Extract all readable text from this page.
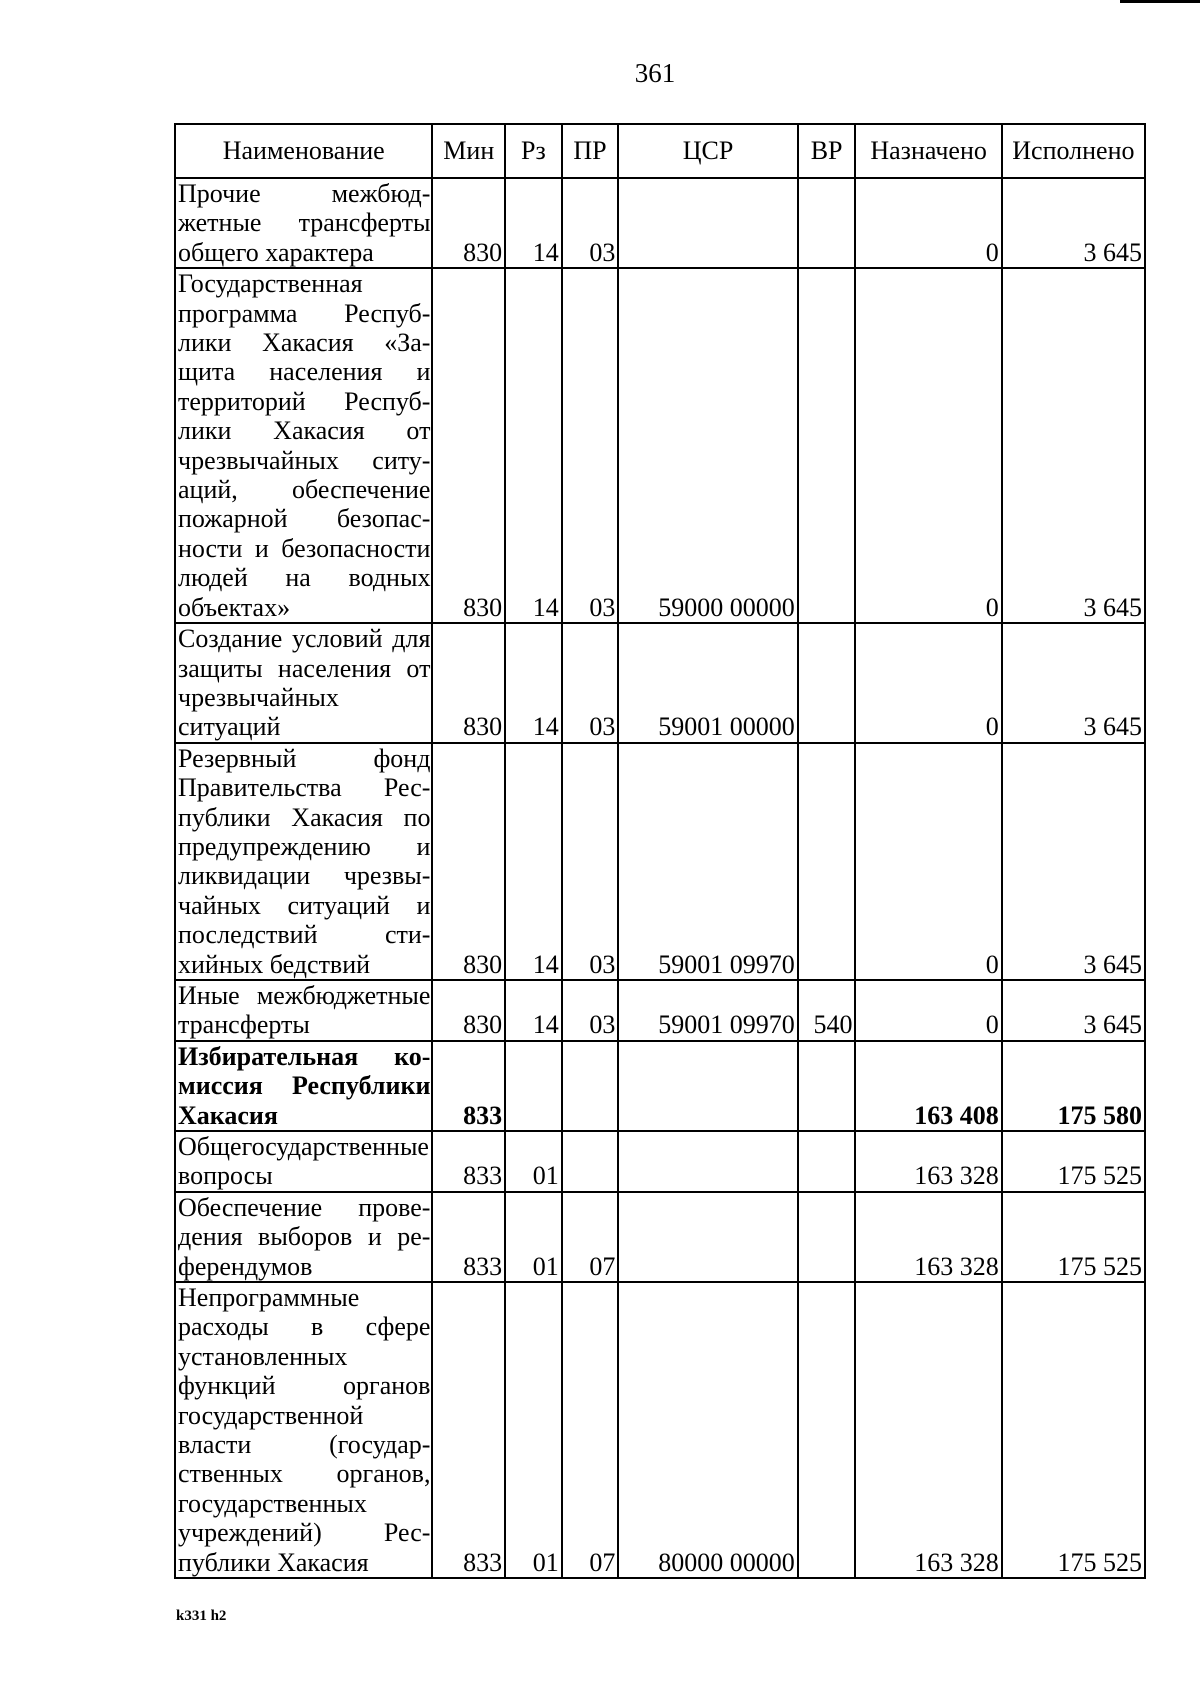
361
Наименование	Мин	Рз	ПР	ЦСР	ВР	Назначено	Исполнено
Прочие межбюджетные трансферты общего характера	830	14	03			0	3 645
Государственная программа Республики Хакасия «Защита населения и территорий Республики Хакасия от чрезвычайных ситуаций, обеспечение пожарной безопасности и безопасности людей на водных объектах»	830	14	03	59000 00000		0	3 645
Создание условий для защиты населения от чрезвычайных ситуаций	830	14	03	59001 00000		0	3 645
Резервный фонд Правительства Республики Хакасия по предупреждению и ликвидации чрезвычайных ситуаций и последствий стихийных бедствий	830	14	03	59001 09970		0	3 645
Иные межбюджетные трансферты	830	14	03	59001 09970	540	0	3 645
Избирательная комиссия Республики Хакасия	833					163 408	175 580
Общегосударственные вопросы	833	01				163 328	175 525
Обеспечение проведения выборов и референдумов	833	01	07			163 328	175 525
Непрограммные расходы в сфере установленных функций органов государственной власти (государственных органов, государственных учреждений) Республики Хакасия	833	01	07	80000 00000		163 328	175 525
k331 h2
